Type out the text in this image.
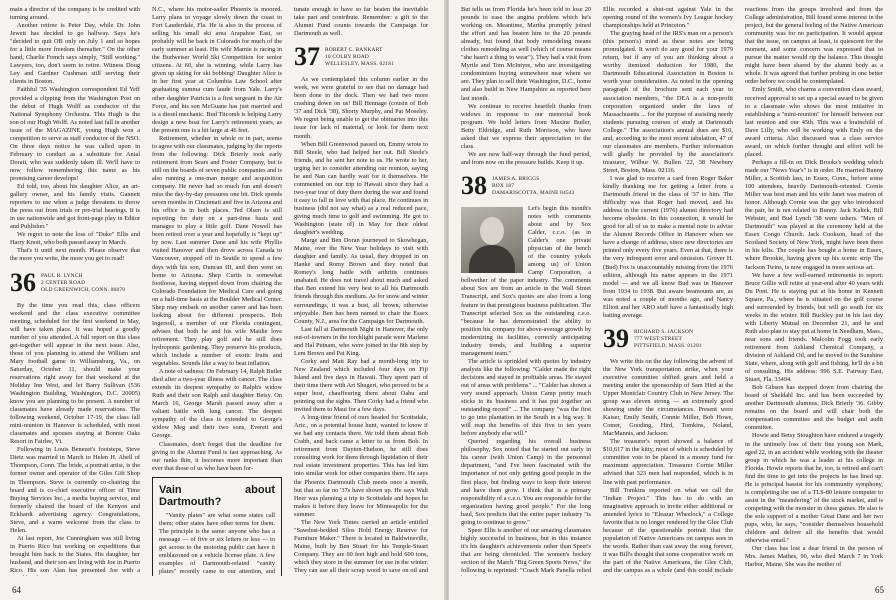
main a director of the company is be credited with turning around.

Another retiree is Peter Day, while Dr. John Jewett has decided to go halfway. Says he's "decided to quit OB only on July 1 and so hopes for a little more freedom thereafter." On the other hand, Charlie French says simply, "Still working." Lawyers, too, don't seem to retire. Witness Doug Ley and Gardner Cushman still serving their clients in Boston.

Faithful '35 Washington correspondent Ed Yeff provided a clipping from the Washington Post on the debut of Hugh Wolff as conductor of the National Symphony Orchestra. This Hugh is the son of our Hugh Wolff. As noted last fall in another issue of the MAGAZINE, young Hugh won a competition to serve as staff conductor of the NSO. On three days notice he was called upon in February to conduct as a substitute for Antal Dorati, who was suddenly taken ill. We'll have to now follow remembering this name as his promising career develops!

Ed told, too, about his daughter Alice, an art-gallery owner, and his family visits. Gannett reporters to use when a judge threatens to throw the press out from trials or pre-trial hearings. It is in use nationwide and got front-page play in Editor and Publisher."

We regret to note the loss of "Duke" Ellis and Harry Knott, who both passed away in March.

That's it until next month. Please observe that the more you write, the more you get to read!

36 PAUL R. LYNCH
2 CENTER ROAD
OLD GREENWICH, CONN. 06870

By the time you read this, class officers weekend and the class executive committee meeting, scheduled for the first weekend in May, will have taken place. It was hoped a goodly number of you attended. A full report on this class get-together will appear in the next issue. Also, those of you planning to attend the William and Mary football game in Williamsburg, Va., on Saturday, October 11, should make your reservations right away for that weekend at the Holiday Inn West, and let Barry Sullivan (536 Washington Building, Washington, D.C. 20005) know you are planning to be present. A number of classmates have already made reservations. The following weekend, October 17-19, the class fall mini-reunion in Hanover is scheduled, with most classmates and spouses staying at Bonnie Oaks Resort in Fairlee, Vt.

Following in Louis Benezet's footsteps, Steve Dietz was married in March to Helen H. Abell of Thompson, Conn. The bride, a portrait artist, is the former owner and operator of the Giles Gift Shop in Thompson. Steve is currently co-chairing the board and is co-chief executive officer of Time Buying Services Inc., a media buying service, and formerly chaired the board of the Kenyon and Eckhardt advertising agency. Congratulations, Steve, and a warm welcome from the class to Helen.

At last report, Joe Cunningham was still living in Puerto Rico but working on expeditions that brought him back to the States. His daughter, her husband, and their son are living with Joe in Puerto Rico. His son Alan has presented Joe with a

N.C., where his motor-sailer Phoenix is moored. Larry plans to voyage slowly down the coast to Fort Lauderdale, Fla. He is also in the process of selling his small ski area Arapahoe East, so probably will be back in Colorado for much of the early summer at least. His wife Marnie is racing in the Budweiser World Ski Competition for senior citizens. At 60, she is winning, while Larry has given up skiing for ski bobbing! Daughter Alice is in her first year at Columbia Law School after graduating summa cum laude from Yale. Larry's other daughter Patricia is a first sergeant in the Air Force, and his son McGuane has just married and is a diesel mechanic. Bud Titcomb is helping Larry design a new boat for Larry's retirement years, as the present one is a bit large at 46 feet.

Retirement, whether in whole or in part, seems to agree with our classmates, judging by the reports from the following: Dick Brierly took early retirement from Sears and Foster Company, but is still on the boards of seven public companies and is also running a one-man merger and acquisition company. He never had so much fun and doesn't miss the day-by-day pressures one bit. Dick spends seven months in Cincinnati and five in Arizona and his office is in both places. Ted Olsen is still reporting for duty on a part-time basis and manages to play a little golf. Dane Nowell has been retired over a year and hopefully is "kept up" by now. Last summer Dane and his wife Phyllis visited Hanover and then drove across Canada to Vancouver, stopped off in Seattle to spend a few days with his son, Duncan III, and then went on home to Arizona. Shep Curtis is somewhat footloose, having stepped down from chairing the Colorado Foundation for Medical Care and going on a half-time basis at the Boulder Medical Center. Shep may embark on another career and has been looking about for different prospects. Bob Ingersoll, a member of our Florida contingent, advises that both he and his wife Maidie love retirement. They play golf and he still does hydroponic gardening. They preserve his products, which include a number of exotic fruits and vegetables. Sounds like a way to beat inflation.

A note of sadness: On February 14, Ralph Butler died after a two-year illness with cancer. The class extends its deepest sympathy to Ralph's widow Ruth and their son Ralph and daughter Betsy. On March 16, George Marsh passed away after a valiant battle with lung cancer. The deepest sympathy of the class is extended to George's widow Meg and their two sons, Everett and George.

Classmates, don't forget that the deadline for giving to the Alumni Fund is fast approaching. As our ranks thin, it becomes more important than ever that those of us who have been for-

Vain about Dartmouth?

"Vanity plates" are what some states call them; other states have other terms for them. The principle is the same: anyone who has a message — of five or six letters or less — to get across to the motoring public can have it emblazoned on a vehicle license plate. A few examples of Dartmouth-related "vanity plates" recently came to our attention, and

tunate enough to have so far beaten the inevitable take part and contribute. Remember: a gift to the Alumni Fund counts towards the Campaign for Dartmouth as well.

37 ROBERT C. BANKART
10 COLBY ROAD
WELLESLEY, MASS. 02181

As we contemplated this column earlier in the week, we were grateful to see that no damage had been done to the dock. Then we had two more crashing down on us! Bill Hennage (cousin of Bob '37 and Dick '38), Shorty Murphy, and Pat Moseley. We regret being unable to get the obituaries into this issue for lack of material, or look for them next month.

When Bill Greenwood passed on, Emmy wrote to Bill Steele, who had helped her out. Bill Steele's friends, and he sent her note to us. He wrote to her, urging her to consider attending our reunion, saying he and Nan can hardly wait for it themselves. He commented on our trip to Hawaii since they had a two-year tour of duty there during the war and found it easy to fall in love with that place. He continues in business (did not say what) as a real reduced pace, giving much time to golf and swimming. He got to Washington (state of) in May for their oldest daughter's wedding.

Marge and Ben Doran journeyed to Skowhegan, Maine, over the New Year holidays to visit with daughter and family. As usual, they dropped in on Hanke and Romy Brown and they noted that Romey's long battle with arthritis continues unabated. He does not travel about much and asked that Ben extend his very best to all his Dartmouth friends through this medium. As for snow and winter surroundings, it was a bust, all brown, otherwise enjoyable. Ben has been named to chair the Essex County, N.J., area for the Campaign for Dartmouth.

Last fall at Dartmouth Night in Hanover, the only out-of-towners in the torchlight parade were Marlene and Hal Putnam, who were joined in the 8th step by Lem Brown and Pat King.

Corky and Matt Ray had a month-long trip to New Zealand which included four days on Fiji Island and five days in Hawaii. They spent part of their time there with Art Shugert, who proved to be a super host, chauffeuring them about Oahu and pointing out the sights. Then Corky had a friend who invited them to Maui for a few days.

A long-time friend of ours headed for Scottsdale, Ariz., on a potential house hunt, wanted to know if we had any contacts there. We told them about Bob Crabb, and back came a letter to us from Bob. In retirement from Dayton-Hudson, he still does consulting work for them through liquidation of their real estate investment properties. This has led him into similar work for other companies there. He says the Phoenix Dartmouth Club meets once a month, but that so far no '37s have shown up. He says Walt Heer was planning a trip to Scottsdale and hopes he makes it before they leave for Minneapolis for the summer.

The New York Times carried an article entitled "Sawdust-bedded Silos Hold Energy Reserve for Furniture Maker." There is located in Baldwinsville, Maine, built by Ben Stuart for his Temple-Stuart Company. They are 60 feet high and hold 600 tons, which they store in the summer for use in the winter. They can use all their scrap wood to save on oil and

64

But tells us from Florida he's been told to lose 20 pounds to ease the angina problem which he's working on. Meantime, Martha promptly joined the effort and has beaten him to the 20 pounds already, but found that body remodeling means clothes remodeling as well (which of course means "she hasn't a thing to wear"). They had a visit from Myrtle and Tom McIntyre, who are investigating condominium buying somewhere near where we are. They plan to sell their Washington, D.C., home and also build in New Hampshire as reported here last month.

We continue to receive heartfelt thanks from widows in response to our memorial book program. We hold letters from Maxine Butler, Betty Eldridge, and Ruth Morrison, who have asked that we express their appreciation to the class.

We are now half-way through the fund period, and from now on the pressure builds. Keep it up.

38 JAMES A. BRIGGS
BOX 187
DAMARISCOTTA, MAINE 04543

Let's begin this month's notes with comments about and by Sox Calder, c.c.o. (as in Calder's one private physician of the bench of the country yokels among us) of Union Camp Corporation, a bellwether of the paper industry. The comments about Sox are from an article in the Wall Street Transcript, and Sox's quotes are also from a long feature in that prestigious business publication. The Transcript selected Sox as the outstanding c.e.o. "because he has demonstrated the ability to position his company for above-average growth by modernizing its facilities, correctly anticipating industry trends, and building a superior management team."

The article is sprinkled with quotes by industry analysts like the following: "Calder made the right decisions and stayed in profitable areas. He stayed out of areas with problems" ... "Calder has shown a very sound approach. Union Camp pretty much sticks to its business and it has put together an outstanding record" ... The company "was the first to go into plantation in the South in a big way. It will reap the benefits of this five to ten years before anybody else will."

Queried regarding his overall business philosophy, Sox noted that he started out early in his career (with Union Camp) in the personnel department, "and I've been fascinated with the importance of not only getting good people in the first place, but finding ways to keep their interest and have them grow. I think that is a primary responsibility of a c.e.o. You are responsible for the organization having good people." For the long haul, Sox predicts that the entire paper industry "is going to continue to grow."

Speer Ellis is another of our amazing classmates highly successful in business, but in this instance it's his daughter's achievements rather than Speer's that are being chronicled. The women's hockey section of the March "Big Green Sports News," the following is reprinted: "Coach Mark Panella relied

Ellis recorded a shut-out against Yale in the opening round of the women's Ivy League hockey championships held at Princeton."

The graying head of the IRS's man on a person's (this person's) mind as these notes are being promulgated. It won't do any good for your 1979 return, but if any of you are thinking about a worthy itemized deduction for 1980, the Dartmouth Educational Association in Boston is worth your consideration. As noted in the opening paragraph of the brochure sent each year to association members, "the DEA is a non-profit corporation organized under the laws of Massachusetts ... for the purpose of assisting needy students pursuing courses of study at Dartmouth College." The association's annual dues are $10, and, according to the most recent tabulation, 47 of our classmates are members. Further information will gladly be provided by the association's treasurer, Wilbur W. Bullen '22, 38 Newbury Street, Boston, Mass. 02116.

I was glad to receive a card from Roger Baker kindly thanking me for getting a letter from a Dartmouth friend in the class of '37 to him. The difficulty was that Roger had moved, and his address in the current (1976) alumni directory had become obsolete. In this connection, it would be good for all of us to make a mental note to advise the Alumni Records Office in Hanover when we have a change of address, since new directories are printed only every five years. Even at that, there is the very infrequent error and omission. Grover H. (Bud) Fox is unaccountably missing from the 1976 edition, although his name appears in the 1971 model — and we all know Bud was in Hanover from 1934 to 1938. But aware beamounts are, as was noted a couple of months ago, and Nancy Elliott and her ARO staff have a fantastically high batting average.

39 RICHARD S. JACKSON
777 WEST STREET
PITTSFIELD, MASS. 01201

We write this on the day following the advent of the New York transportation strike, when your executive committee shifted gears and held a meeting under the sponsorship of Sam Hird at the Upper Montclair Country Club in New Jersey. The group was eleven strong — an extremely good showing under the circumstances. Present were Kaiser, Emily Smith, Connie Miller, Bob Howe, Comer, Gooding, Hird, Tomkins, Noland, MacMannis, and Jackson.

The treasurer's report showed a balance of $10,617 in the kitty, most of which is scheduled by committee vote to be placed in a money fund for maximum appreciation. Treasurer Cornie Miller advised that 323 men had responded, which is in line with past performance.

Bill Tomkins reported on what we call the "Indian Project." This has to do with an imaginative approach to invite either additional or amended lyrics to "Eleazar Wheelock," a College favorite that is no longer rendered by the Glee Club because of the questionable portrait that the population of Native Americans on campus sees in the words. Rather than cast away the song forever, it was Bill's thought that some cooperative work on the part of the Native Americans, the Glee Club, and the campus as a whole (and this could include

reactions from the groups involved and from the College administration, Bill found some interest in the project, but the general feeling of the Native American community was for no participation. It would appear that the issue, on campus at least, is quiescent for the moment, and some concern was expressed that to pursue the matter would rip the balance. This thought might have been shared by the alumni body as a whole. It was agreed that further probing in one better order before we could be contemplated.

Emly Smith, who charms a convention class award, received approval to set up a special award to be given to a classmate who shows the most initiative in establishing a "mini-reunion" for himself between our last reunion and our 45th. This was a brainchild of Dave Lilly, who will be working with Emly on the award criteria. Also discussed was a class service award, on which further thought and effort will be placed.

Perhaps a fill-in on Dick Brooks's wedding which made our "News Year's" is in order. He married Bunny Miller, a Scottish lass, in Essex, Conn., before some 100 attendees, heavily Dartmouth-oriented. Cornie Miller was best man and his wife Janet was matron of honor. Although Cornie was the guy who introduced the pair, he is not related to Bunny. Jack Kaltek, Bill Webster, and Bud Lynch '38 were ushers. "Men of Dartmouth" was played at the ceremony held at the Essex Congo Church. Jack Cookson, head of the Scotland Society of New York, might have been there in his kilts. The couple has bought a home in Essex, where Brookie, having given up his scenic strip The Jackson Twins, is now engaged in more serious art.

We have a few well-earned retirements to report: Bruce Gillie will retire at year-end after 40 years with Du Pont. He is staying put at his home in Kennett Square, Pa., where he is situated on the golf course and surrounded by friends, but will go south for six weeks in the winter. Bill Buckley put in his last day with Liberty Mutual on December 21, and he and Ruth also plan to stay put at home in Needham, Mass., near sons and friends. Malcolm Fogg took early retirement from Ashland Chemical Company, a division of Ashland Oil, and he moved to the Sunshine State, where, along with golf and fishing, he'll do a bit of consulting. His address: 996 S.E. Fairway East, Stuart, Fla. 33494.

Bob Gibson has stepped down from chairing the board of Sheldahl Inc. and has been succeeded by another Dartmouth alumnus, Dick Brierly '36. Gibby remains on the board and will chair both the compensation committee and the budget and audit committee.

Howie and Betsy Stoughton have endured a tragedy in the untimely loss of their fine young son Mark, aged 22, in an accident while working with the theater group in which he was a leader at his college in Florida. Howie reports that he, too, is retired and can't find the time to get into the projects he has lined up. He is principal bassist for his community symphony, is completing the use of a TLS-80 leisure computer to assist in the "meandering" of the stock market, and is competing with the monster in chess games. He also is the sole support of a mother Great Dane and her two pups, who, he says, "consider themselves household children and deliver all the benefits that would otherwise entail."

Our class has lost a dear friend in the person of Mrs. James Mathes, 90, who died March 7 in York Harbor, Maine. She was the mother of

65
